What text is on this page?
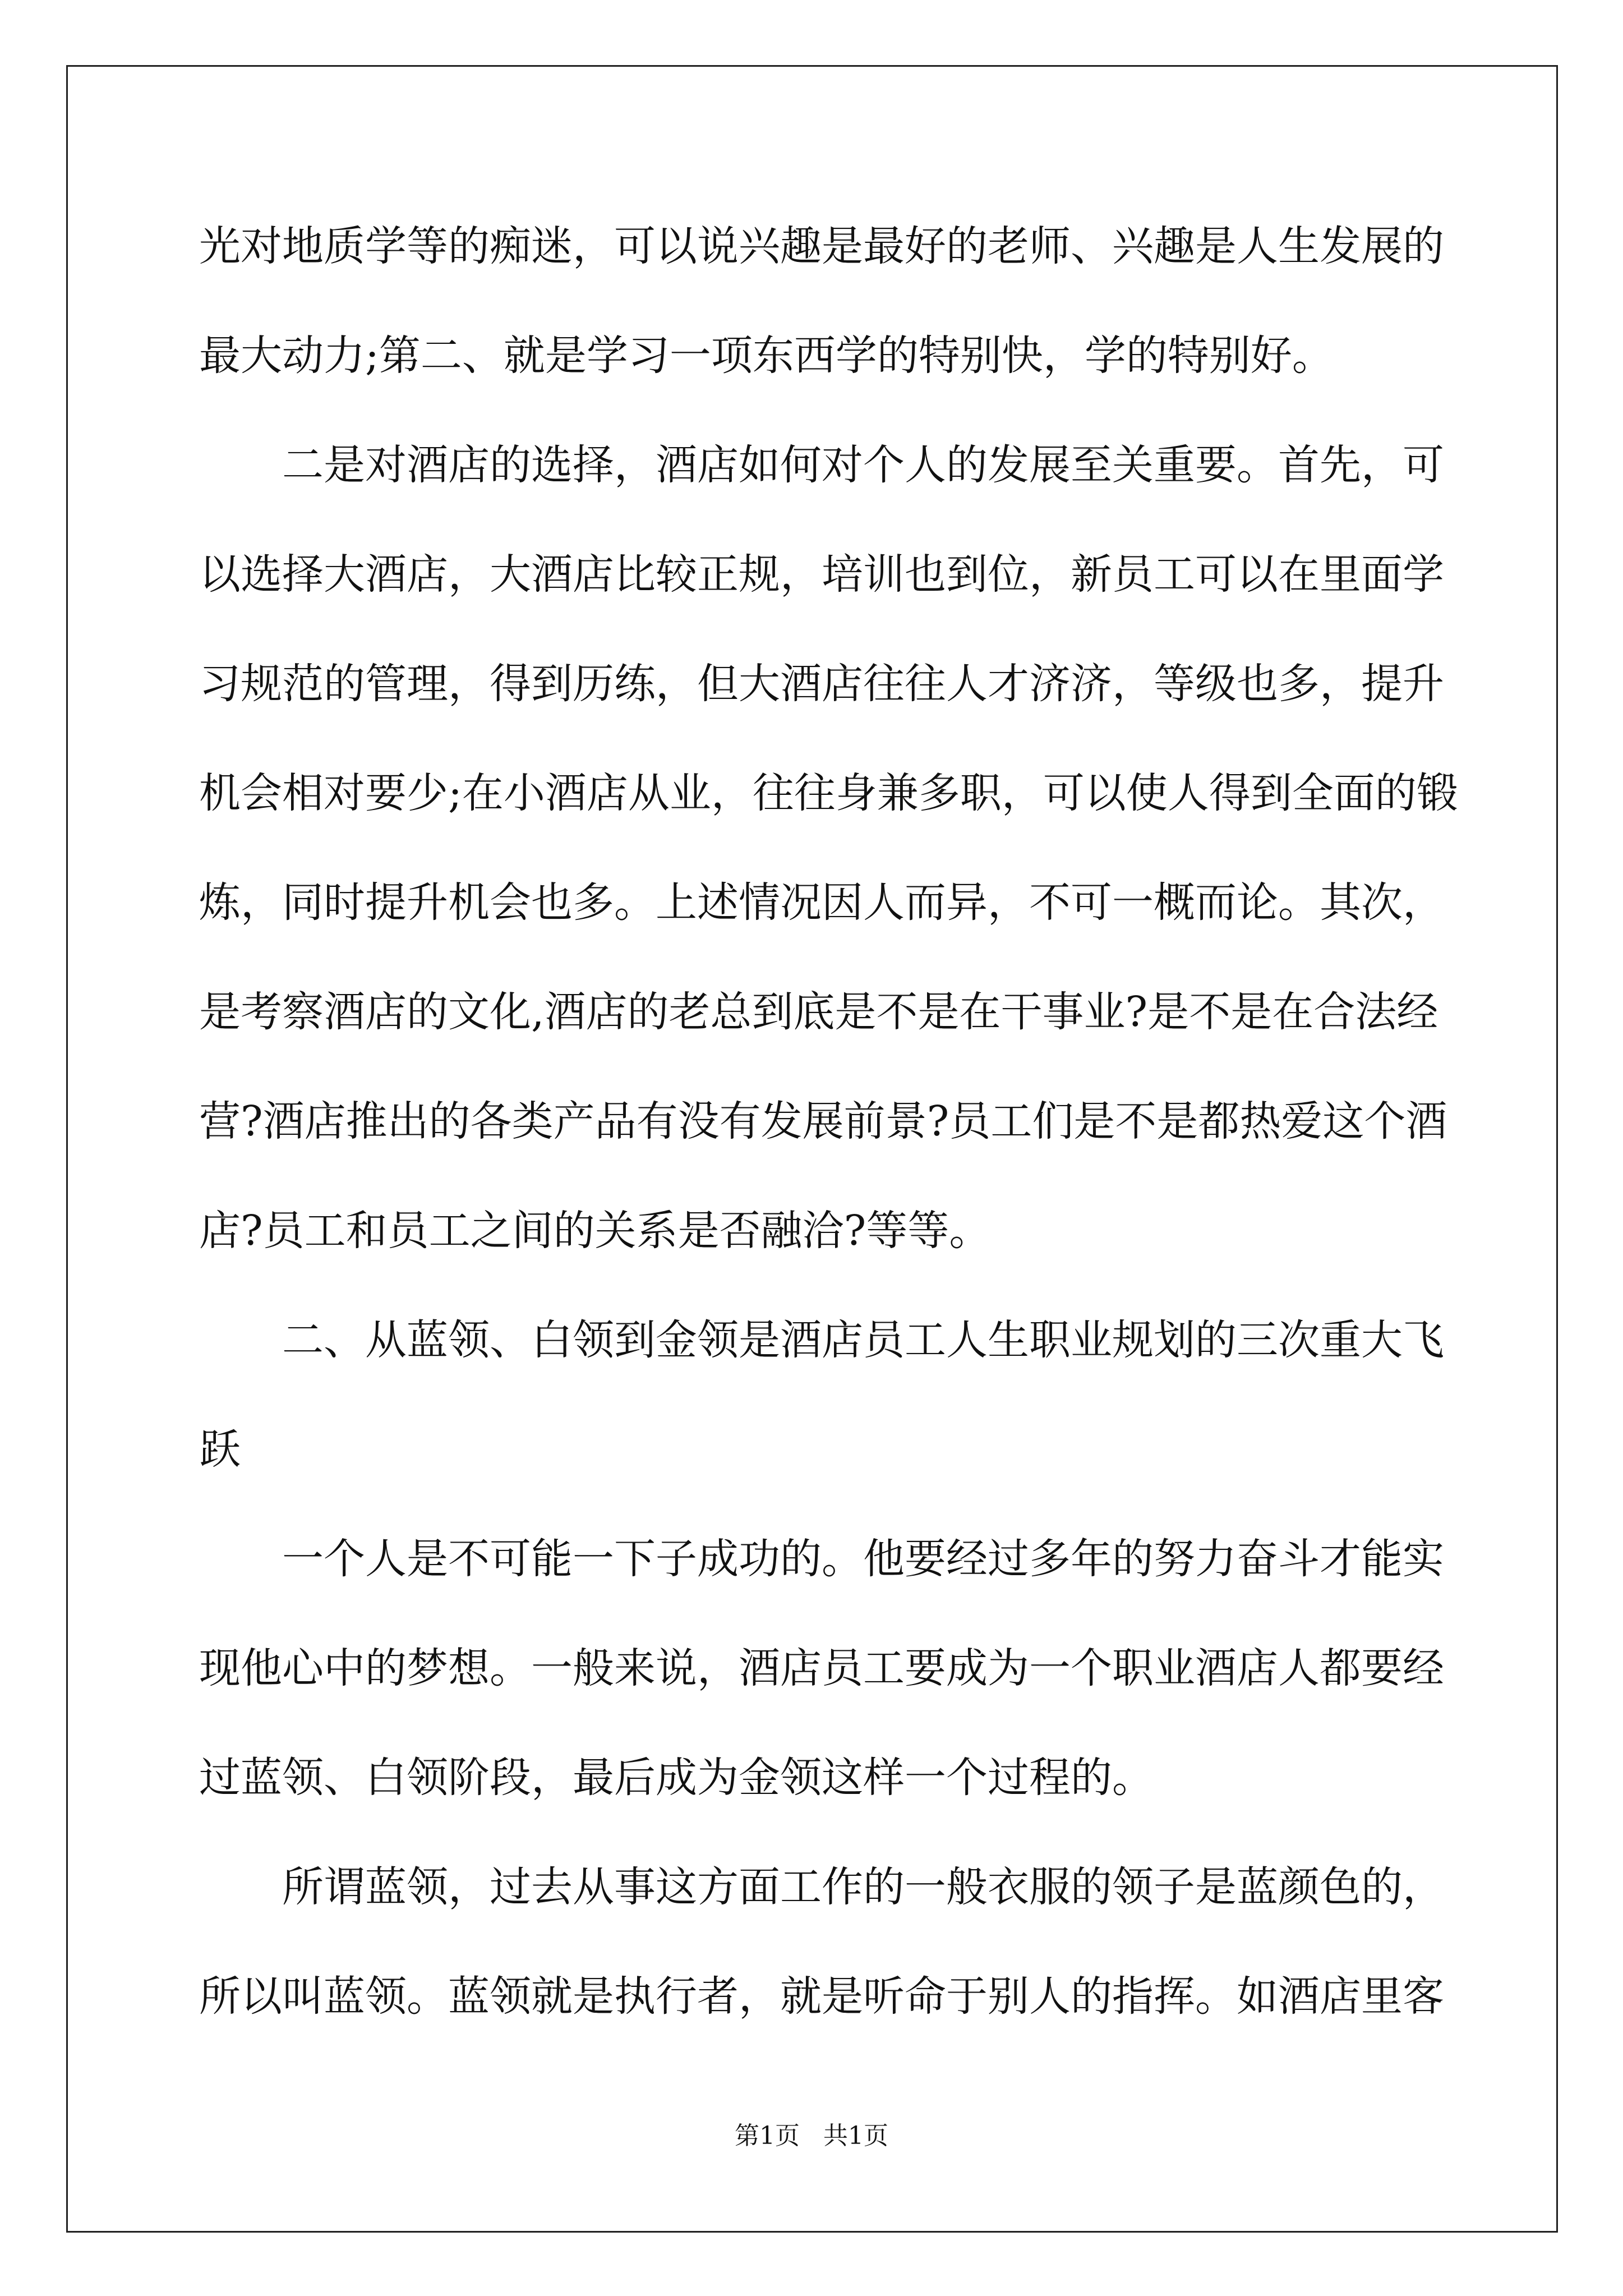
光对地质学等的痴迷，可以说兴趣是最好的老师、兴趣是人生发展的
最大动力;第二、就是学习一项东西学的特别快，学的特别好。
二是对酒店的选择，酒店如何对个人的发展至关重要。首先，可
以选择大酒店，大酒店比较正规，培训也到位，新员工可以在里面学
习规范的管理，得到历练，但大酒店往往人才济济，等级也多，提升
机会相对要少;在小酒店从业，往往身兼多职，可以使人得到全面的锻
炼，同时提升机会也多。上述情况因人而异，不可一概而论。其次，
是考察酒店的文化,酒店的老总到底是不是在干事业?是不是在合法经
营?酒店推出的各类产品有没有发展前景?员工们是不是都热爱这个酒
店?员工和员工之间的关系是否融洽?等等。
二、从蓝领、白领到金领是酒店员工人生职业规划的三次重大飞
跃
一个人是不可能一下子成功的。他要经过多年的努力奋斗才能实
现他心中的梦想。一般来说，酒店员工要成为一个职业酒店人都要经
过蓝领、白领阶段，最后成为金领这样一个过程的。
所谓蓝领，过去从事这方面工作的一般衣服的领子是蓝颜色的，
所以叫蓝领。蓝领就是执行者，就是听命于别人的指挥。如酒店里客
第1页   共1页
